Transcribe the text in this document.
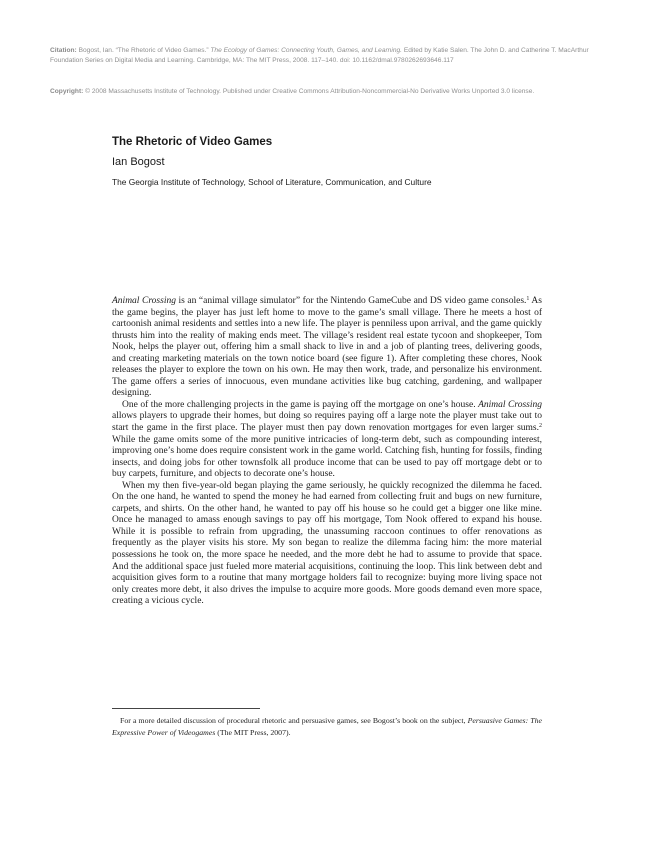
Citation: Bogost, Ian. “The Rhetoric of Video Games.” The Ecology of Games: Connecting Youth, Games, and Learning. Edited by Katie Salen. The John D. and Catherine T. MacArthur Foundation Series on Digital Media and Learning. Cambridge, MA: The MIT Press, 2008. 117–140. doi: 10.1162/dmal.9780262693646.117
Copyright: © 2008 Massachusetts Institute of Technology. Published under Creative Commons Attribution-Noncommercial-No Derivative Works Unported 3.0 license.
The Rhetoric of Video Games
Ian Bogost
The Georgia Institute of Technology, School of Literature, Communication, and Culture

Animal Crossing is an “animal village simulator” for the Nintendo GameCube and DS video game consoles.$^1$ As the game begins, the player has just left home to move to the game’s small village. There he meets a host of cartoonish animal residents and settles into a new life. The player is penniless upon arrival, and the game quickly thrusts him into the reality of making ends meet. The village’s resident real estate tycoon and shopkeeper, Tom Nook, helps the player out, offering him a small shack to live in and a job of planting trees, delivering goods, and creating marketing materials on the town notice board (see figure 1). After completing these chores, Nook releases the player to explore the town on his own. He may then work, trade, and personalize his environment. The game offers a series of innocuous, even mundane activities like bug catching, gardening, and wallpaper designing.

One of the more challenging projects in the game is paying off the mortgage on one’s house. Animal Crossing allows players to upgrade their homes, but doing so requires paying off a large note the player must take out to start the game in the first place. The player must then pay down renovation mortgages for even larger sums.$^2$ While the game omits some of the more punitive intricacies of long-term debt, such as compounding interest, improving one’s home does require consistent work in the game world. Catching fish, hunting for fossils, finding insects, and doing jobs for other townsfolk all produce income that can be used to pay off mortgage debt or to buy carpets, furniture, and objects to decorate one’s house.

When my then five-year-old began playing the game seriously, he quickly recognized the dilemma he faced. On the one hand, he wanted to spend the money he had earned from collecting fruit and bugs on new furniture, carpets, and shirts. On the other hand, he wanted to pay off his house so he could get a bigger one like mine. Once he managed to amass enough savings to pay off his mortgage, Tom Nook offered to expand his house. While it is possible to refrain from upgrading, the unassuming raccoon continues to offer renovations as frequently as the player visits his store. My son began to realize the dilemma facing him: the more material possessions he took on, the more space he needed, and the more debt he had to assume to provide that space. And the additional space just fueled more material acquisitions, continuing the loop. This link between debt and acquisition gives form to a routine that many mortgage holders fail to recognize: buying more living space not only creates more debt, it also drives the impulse to acquire more goods. More goods demand even more space, creating a vicious cycle.

For a more detailed discussion of procedural rhetoric and persuasive games, see Bogost’s book on the subject, Persuasive Games: The Expressive Power of Videogames (The MIT Press, 2007).
